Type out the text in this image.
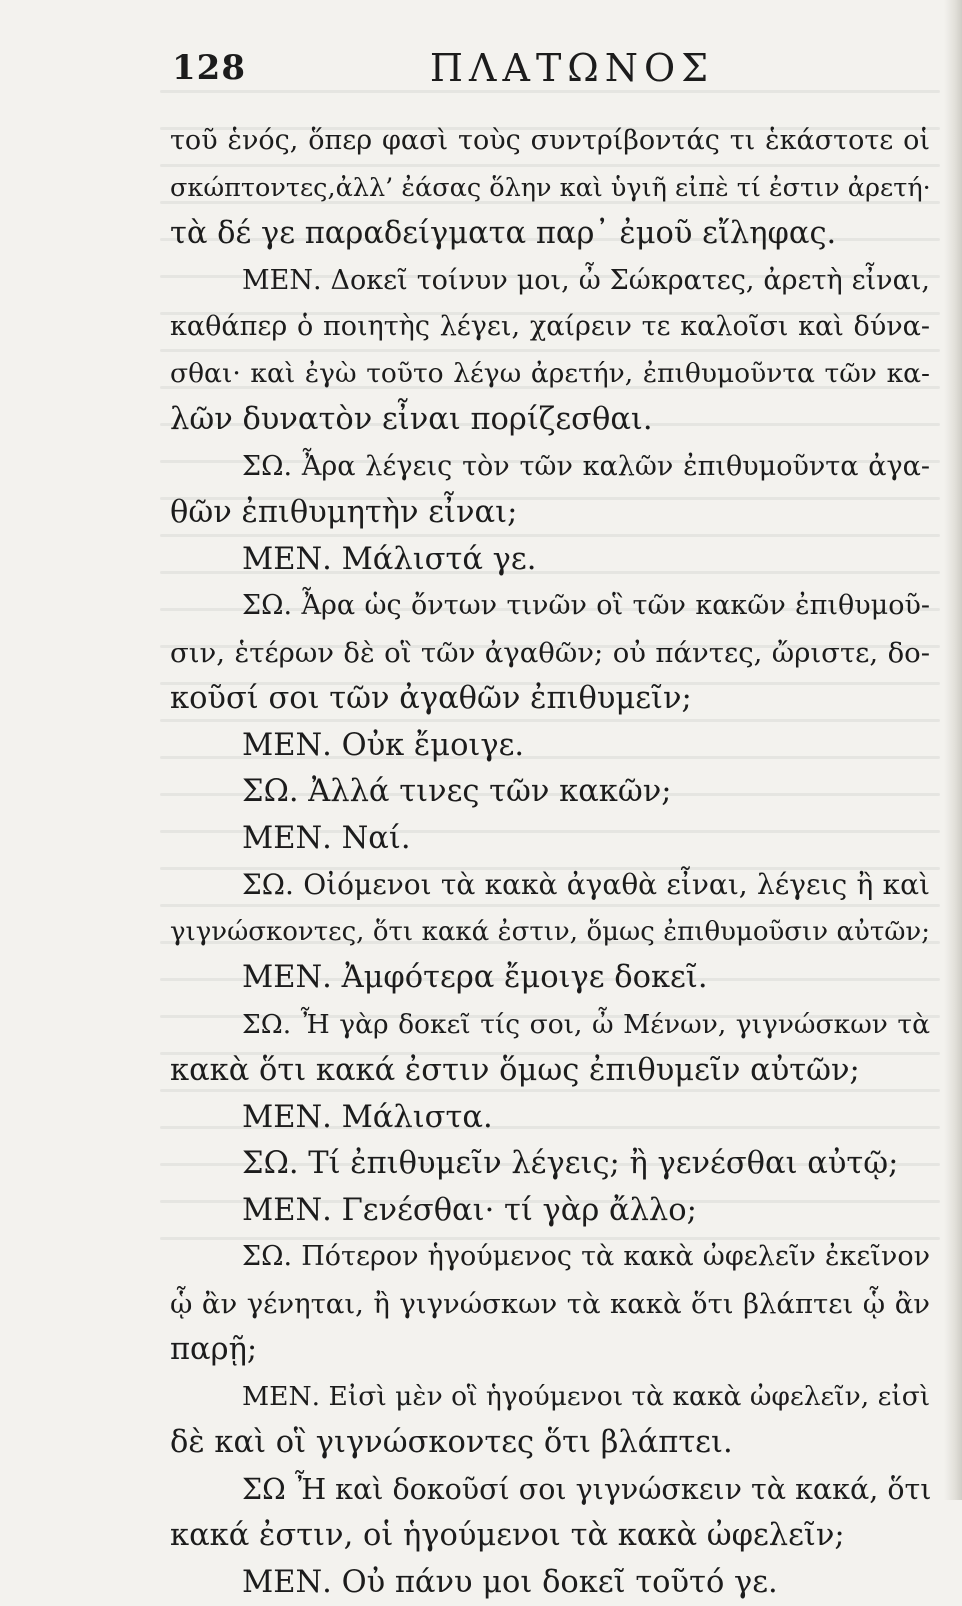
128	ΠΛΑΤΩΝΟΣ
τοῦ ἑνός, ὅπερ φασὶ τοὺς συντρίβοντάς τι ἑκάστοτε οἱ
σκώπτοντες,ἀλλ’ ἐάσας ὅλην καὶ ὑγιῆ εἰπὲ τί ἐστιν ἀρετή·
τὰ δέ γε παραδείγματα παρ᾿ ἐμοῦ εἴληφας.
ΜΕΝ. Δοκεῖ τοίνυν μοι, ὦ Σώκρατες, ἀρετὴ εἶναι,
καθάπερ ὁ ποιητὴς λέγει, χαίρειν τε καλοῖσι καὶ δύνα-
σθαι· καὶ ἐγὼ τοῦτο λέγω ἀρετήν, ἐπιθυμοῦντα τῶν κα-
λῶν δυνατὸν εἶναι πορίζεσθαι.
ΣΩ. Ἆρα λέγεις τὸν τῶν καλῶν ἐπιθυμοῦντα ἀγα-
θῶν ἐπιθυμητὴν εἶναι;
ΜΕΝ. Μάλιστά γε.
ΣΩ. Ἆρα ὡς ὄντων τινῶν οἳ τῶν κακῶν ἐπιθυμοῦ-
σιν, ἑτέρων δὲ οἳ τῶν ἀγαθῶν; οὐ πάντες, ὤριστε, δο-
κοῦσί σοι τῶν ἀγαθῶν ἐπιθυμεῖν;
ΜΕΝ. Οὐκ ἔμοιγε.
ΣΩ. Ἀλλά τινες τῶν κακῶν;
ΜΕΝ. Ναί.
ΣΩ. Οἰόμενοι τὰ κακὰ ἀγαθὰ εἶναι, λέγεις ἢ καὶ
γιγνώσκοντες, ὅτι κακά ἐστιν, ὅμως ἐπιθυμοῦσιν αὐτῶν;
ΜΕΝ. Ἀμφότερα ἔμοιγε δοκεῖ.
ΣΩ. Ἦ γὰρ δοκεῖ τίς σοι, ὦ Μένων, γιγνώσκων τὰ
κακὰ ὅτι κακά ἐστιν ὅμως ἐπιθυμεῖν αὐτῶν;
ΜΕΝ. Μάλιστα.
ΣΩ. Τί ἐπιθυμεῖν λέγεις; ἢ γενέσθαι αὐτῷ;
ΜΕΝ. Γενέσθαι· τί γὰρ ἄλλο;
ΣΩ. Πότερον ἡγούμενος τὰ κακὰ ὠφελεῖν ἐκεῖνον
ᾧ ἂν γένηται, ἢ γιγνώσκων τὰ κακὰ ὅτι βλάπτει ᾧ ἂν
παρῇ;
ΜΕΝ. Εἰσὶ μὲν οἳ ἡγούμενοι τὰ κακὰ ὠφελεῖν, εἰσὶ
δὲ καὶ οἳ γιγνώσκοντες ὅτι βλάπτει.
ΣΩ Ἦ καὶ δοκοῦσί σοι γιγνώσκειν τὰ κακά, ὅτι
κακά ἐστιν, οἱ ἡγούμενοι τὰ κακὰ ὠφελεῖν;
ΜΕΝ. Οὐ πάνυ μοι δοκεῖ τοῦτό γε.
